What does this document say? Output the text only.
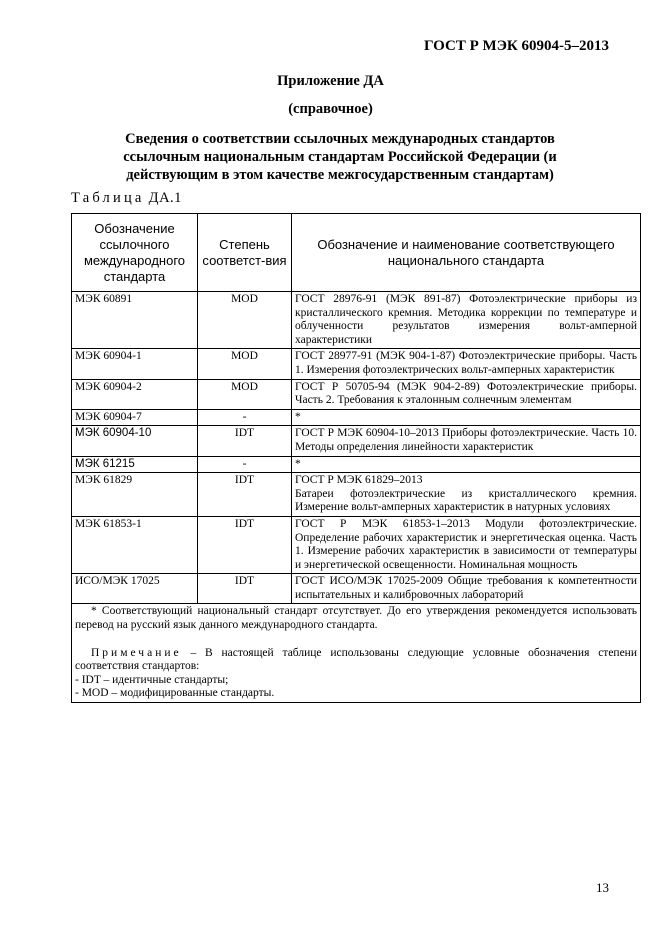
ГОСТ Р МЭК 60904-5–2013
Приложение ДА
(справочное)
Сведения о соответствии ссылочных международных стандартов ссылочным национальным стандартам Российской Федерации (и действующим в этом качестве межгосударственным стандартам)
Таблица ДА.1
Обозначение ссылочного международного стандарта	Степень соответст-вия	Обозначение и наименование соответствующего национального стандарта
МЭК 60891	MOD	ГОСТ 28976-91 (МЭК 891-87) Фотоэлектрические приборы из кристаллического кремния. Методика коррекции по температуре и облученности результатов измерения вольт-амперной характеристики
МЭК 60904-1	MOD	ГОСТ 28977-91 (МЭК 904-1-87) Фотоэлектрические приборы. Часть 1. Измерения фотоэлектрических вольт-амперных характеристик
МЭК 60904-2	MOD	ГОСТ Р 50705-94 (МЭК 904-2-89) Фотоэлектрические приборы. Часть 2. Требования к эталонным солнечным элементам
МЭК 60904-7	-	*
МЭК 60904-10	IDT	ГОСТ Р МЭК 60904-10–2013 Приборы фотоэлектрические. Часть 10. Методы определения линейности характеристик
МЭК 61215	-	*
МЭК 61829	IDT	ГОСТ Р МЭК 61829–2013
Батареи фотоэлектрические из кристаллического кремния. Измерение вольт-амперных характеристик в натурных условиях

МЭК 61853-1	IDT	ГОСТ Р МЭК 61853-1–2013 Модули фотоэлектрические. Определение рабочих характеристик и энергетическая оценка. Часть 1. Измерение рабочих характеристик в зависимости от температуры и энергетической освещенности. Номинальная мощность
ИСО/МЭК 17025	IDT	ГОСТ ИСО/МЭК 17025-2009 Общие требования к компетентности испытательных и калибровочных лабораторий

* Соответствующий национальный стандарт отсутствует. До его утверждения рекомендуется использовать перевод на русский язык данного международного стандарта.
Примечание – В настоящей таблице использованы следующие условные обозначения степени соответствия стандартов:
- IDT – идентичные стандарты;
- MOD – модифицированные стандарты.		
13
